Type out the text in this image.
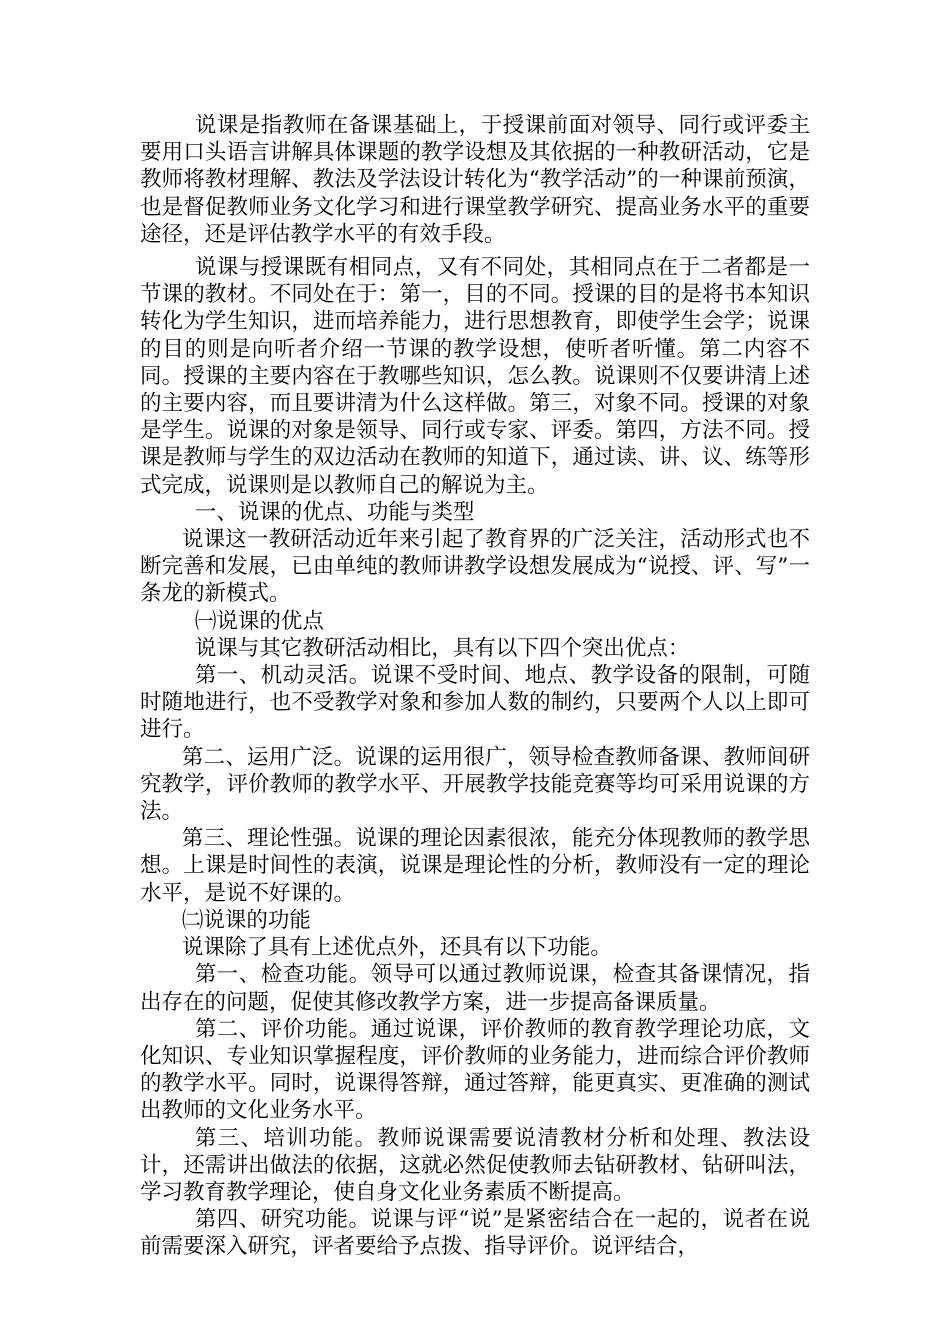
说课是指教师在备课基础上，于授课前面对领导、同行或评委主要用口头语言讲解具体课题的教学设想及其依据的一种教研活动，它是教师将教材理解、教法及学法设计转化为“教学活动”的一种课前预演，也是督促教师业务文化学习和进行课堂教学研究、提高业务水平的重要途径，还是评估教学水平的有效手段。

说课与授课既有相同点，又有不同处，其相同点在于二者都是一节课的教材。不同处在于：第一，目的不同。授课的目的是将书本知识转化为学生知识，进而培养能力，进行思想教育，即使学生会学；说课的目的则是向听者介绍一节课的教学设想，使听者听懂。第二内容不同。授课的主要内容在于教哪些知识，怎么教。说课则不仅要讲清上述的主要内容，而且要讲清为什么这样做。第三，对象不同。授课的对象是学生。说课的对象是领导、同行或专家、评委。第四，方法不同。授课是教师与学生的双边活动在教师的知道下，通过读、讲、议、练等形式完成，说课则是以教师自己的解说为主。

一、说课的优点、功能与类型

说课这一教研活动近年来引起了教育界的广泛关注，活动形式也不断完善和发展，已由单纯的教师讲教学设想发展成为“说授、评、写”一条龙的新模式。

㈠说课的优点

说课与其它教研活动相比，具有以下四个突出优点：

第一、机动灵活。说课不受时间、地点、教学设备的限制，可随时随地进行，也不受教学对象和参加人数的制约，只要两个人以上即可进行。

第二、运用广泛。说课的运用很广，领导检查教师备课、教师间研究教学，评价教师的教学水平、开展教学技能竞赛等均可采用说课的方法。

第三、理论性强。说课的理论因素很浓，能充分体现教师的教学思想。上课是时间性的表演，说课是理论性的分析，教师没有一定的理论水平，是说不好课的。

㈡说课的功能

说课除了具有上述优点外，还具有以下功能。

第一、检查功能。领导可以通过教师说课，检查其备课情况，指出存在的问题，促使其修改教学方案，进一步提高备课质量。

第二、评价功能。通过说课，评价教师的教育教学理论功底，文化知识、专业知识掌握程度，评价教师的业务能力，进而综合评价教师的教学水平。同时，说课得答辩，通过答辩，能更真实、更准确的测试出教师的文化业务水平。

第三、培训功能。教师说课需要说清教材分析和处理、教法设计，还需讲出做法的依据，这就必然促使教师去钻研教材、钻研叫法，学习教育教学理论，使自身文化业务素质不断提高。

第四、研究功能。说课与评“说”是紧密结合在一起的，说者在说前需要深入研究，评者要给予点拨、指导评价。说评结合，
